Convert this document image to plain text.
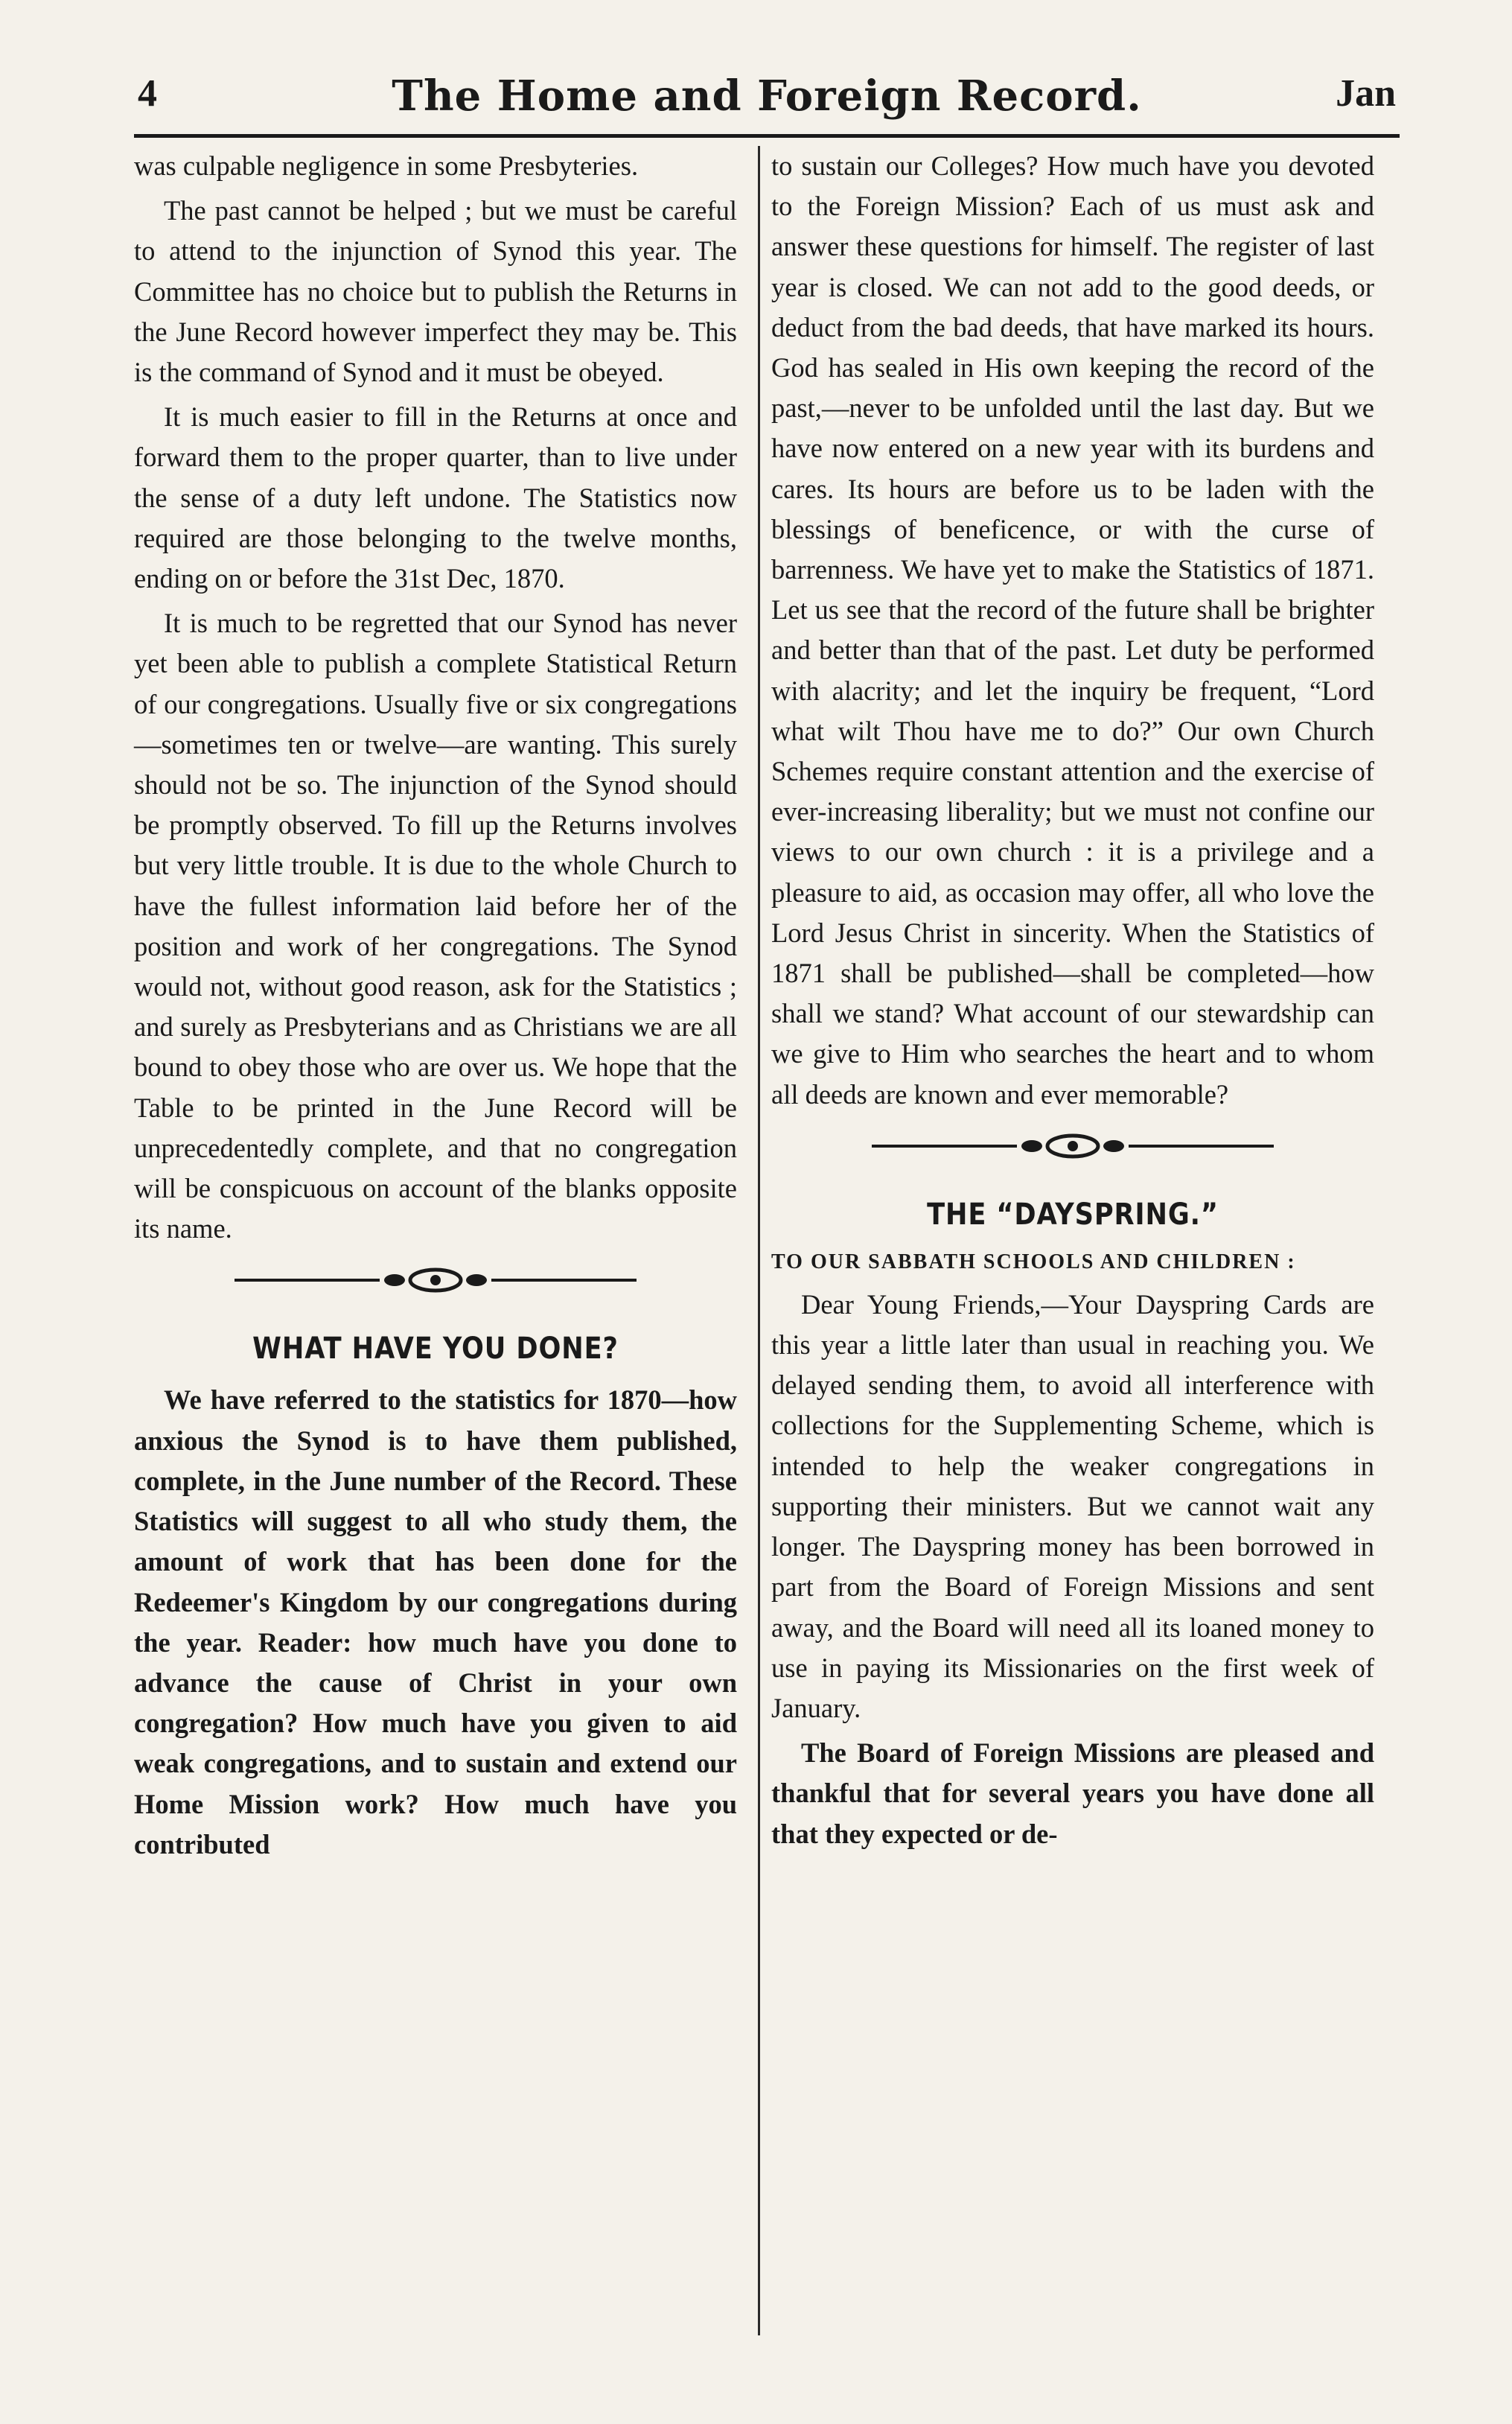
4	The Home and Foreign Record.	Jan

was culpable negligence in some Presbyteries.

The past cannot be helped ; but we must be careful to attend to the injunction of Synod this year. The Committee has no choice but to publish the Returns in the June Record however imperfect they may be. This is the command of Synod and it must be obeyed.

It is much easier to fill in the Returns at once and forward them to the proper quarter, than to live under the sense of a duty left undone. The Statistics now required are those belonging to the twelve months, ending on or before the 31st Dec, 1870.

It is much to be regretted that our Synod has never yet been able to publish a complete Statistical Return of our congregations. Usually five or six congregations—sometimes ten or twelve—are wanting. This surely should not be so. The injunction of the Synod should be promptly observed. To fill up the Returns involves but very little trouble. It is due to the whole Church to have the fullest information laid before her of the position and work of her congregations. The Synod would not, without good reason, ask for the Statistics ; and surely as Presbyterians and as Christians we are all bound to obey those who are over us. We hope that the Table to be printed in the June Record will be unprecedentedly complete, and that no congregation will be conspicuous on account of the blanks opposite its name.

WHAT HAVE YOU DONE?

We have referred to the statistics for 1870—how anxious the Synod is to have them published, complete, in the June number of the Record. These Statistics will suggest to all who study them, the amount of work that has been done for the Redeemer's Kingdom by our congregations during the year. Reader: how much have you done to advance the cause of Christ in your own congregation? How much have you given to aid weak congregations, and to sustain and extend our Home Mission work? How much have you contributed

to sustain our Colleges? How much have you devoted to the Foreign Mission? Each of us must ask and answer these questions for himself. The register of last year is closed. We can not add to the good deeds, or deduct from the bad deeds, that have marked its hours. God has sealed in His own keeping the record of the past,—never to be unfolded until the last day. But we have now entered on a new year with its burdens and cares. Its hours are before us to be laden with the blessings of beneficence, or with the curse of barrenness. We have yet to make the Statistics of 1871. Let us see that the record of the future shall be brighter and better than that of the past. Let duty be performed with alacrity; and let the inquiry be frequent, “Lord what wilt Thou have me to do?” Our own Church Schemes require constant attention and the exercise of ever-increasing liberality; but we must not confine our views to our own church : it is a privilege and a pleasure to aid, as occasion may offer, all who love the Lord Jesus Christ in sincerity. When the Statistics of 1871 shall be published—shall be completed—how shall we stand? What account of our stewardship can we give to Him who searches the heart and to whom all deeds are known and ever memorable?

THE “DAYSPRING.”
TO OUR SABBATH SCHOOLS AND CHILDREN :

Dear Young Friends,—Your Dayspring Cards are this year a little later than usual in reaching you. We delayed sending them, to avoid all interference with collections for the Supplementing Scheme, which is intended to help the weaker congregations in supporting their ministers. But we cannot wait any longer. The Dayspring money has been borrowed in part from the Board of Foreign Missions and sent away, and the Board will need all its loaned money to use in paying its Missionaries on the first week of January.

The Board of Foreign Missions are pleased and thankful that for several years you have done all that they expected or de-
